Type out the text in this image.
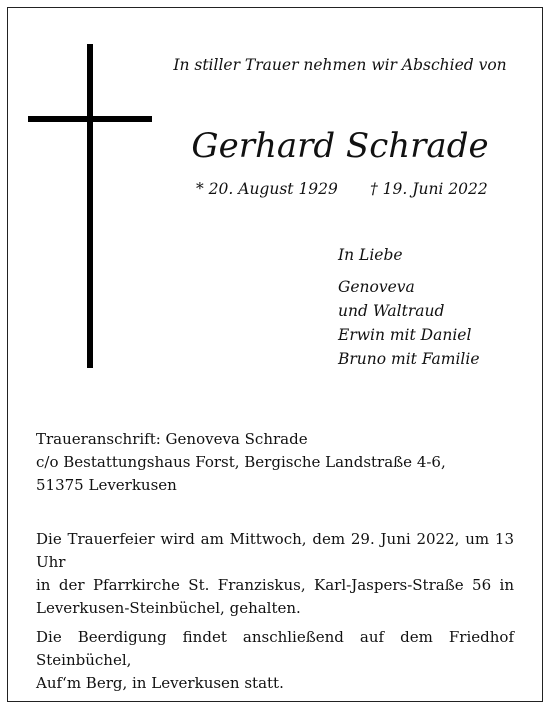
In stiller Trauer nehmen wir Abschied von
Gerhard Schrade
* 20. August 1929 † 19. Juni 2022
In Liebe
Genoveva
und Waltraud
Erwin mit Daniel
Bruno mit Familie
Traueranschrift: Genoveva Schrade
c/o Bestattungshaus Forst, Bergische Landstraße 4-6,
51375 Leverkusen
Die Trauerfeier wird am Mittwoch, dem 29. Juni 2022, um 13 Uhr
in der Pfarrkirche St. Franziskus, Karl-Jaspers-Straße 56 in
Leverkusen-Steinbüchel, gehalten.
Die Beerdigung findet anschließend auf dem Friedhof Steinbüchel,
Auf‘m Berg, in Leverkusen statt.
